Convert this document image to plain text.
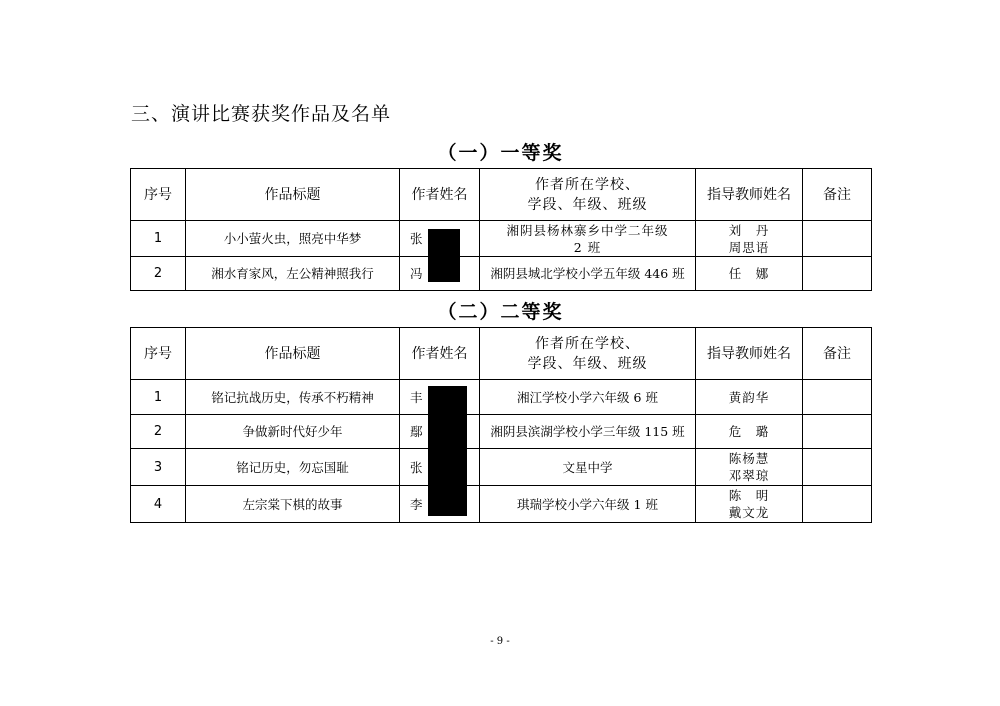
三、演讲比赛获奖作品及名单
（一）一等奖
序号	作品标题	作者姓名	作者所在学校、
学段、年级、班级	指导教师姓名	备注
1	小小萤火虫，照亮中华梦	张	湘阴县杨林寨乡中学二年级
2 班	刘　丹
周思语	

2	湘水育家风，左公精神照我行	冯	湘阴县城北学校小学五年级 446 班	任　娜	

（二）二等奖
序号	作品标题	作者姓名	作者所在学校、
学段、年级、班级	指导教师姓名	备注
1	铭记抗战历史，传承不朽精神	丰	湘江学校小学六年级 6 班	黄韵华	

2	争做新时代好少年	鄢	湘阴县滨湖学校小学三年级 115 班	危　璐	

3	铭记历史，勿忘国耻	张	文星中学	陈杨慧
邓翠琼	

4	左宗棠下棋的故事	李	琪瑞学校小学六年级 1 班	陈　明
戴文龙	

- 9 -
